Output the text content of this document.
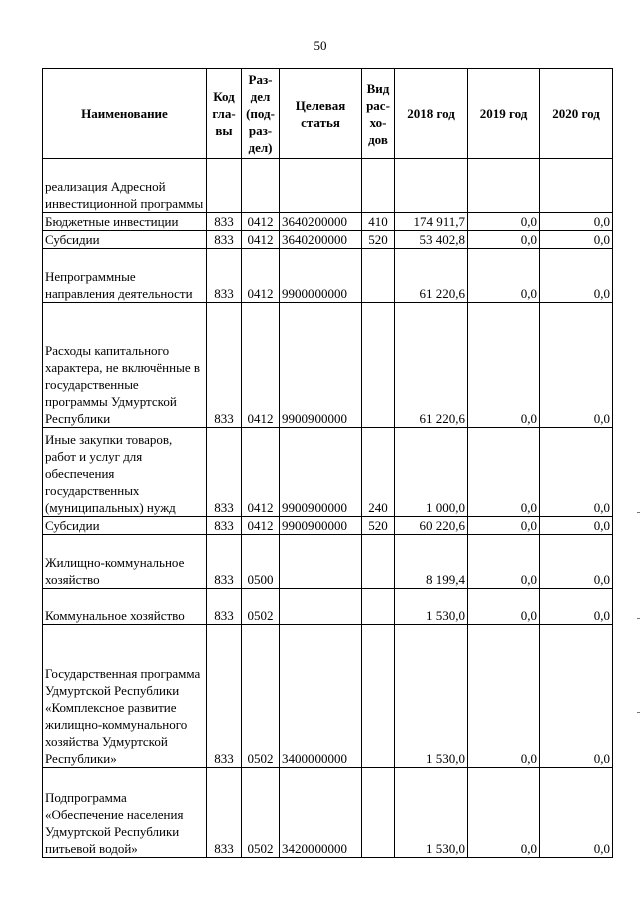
50
Наименование	Код гла-вы	Раз-дел (под-раз-дел)	Целевая статья	Вид рас-хо-дов	2018 год	2019 год	2020 год
реализация Адресной инвестиционной программы							
Бюджетные инвестиции	833	0412	3640200000	410	174 911,7	0,0	0,0
Субсидии	833	0412	3640200000	520	53 402,8	0,0	0,0
Непрограммные направления деятельности	833	0412	9900000000		61 220,6	0,0	0,0
Расходы капитального характера, не включённые в государственные программы Удмуртской Республики	833	0412	9900900000		61 220,6	0,0	0,0
Иные закупки товаров, работ и услуг для обеспечения государственных (муниципальных) нужд	833	0412	9900900000	240	1 000,0	0,0	0,0
Субсидии	833	0412	9900900000	520	60 220,6	0,0	0,0
Жилищно-коммунальное хозяйство	833	0500			8 199,4	0,0	0,0
Коммунальное хозяйство	833	0502			1 530,0	0,0	0,0
Государственная программа Удмуртской Республики «Комплексное развитие жилищно-коммунального хозяйства Удмуртской Республики»	833	0502	3400000000		1 530,0	0,0	0,0
Подпрограмма «Обеспечение населения Удмуртской Республики питьевой водой»	833	0502	3420000000		1 530,0	0,0	0,0
